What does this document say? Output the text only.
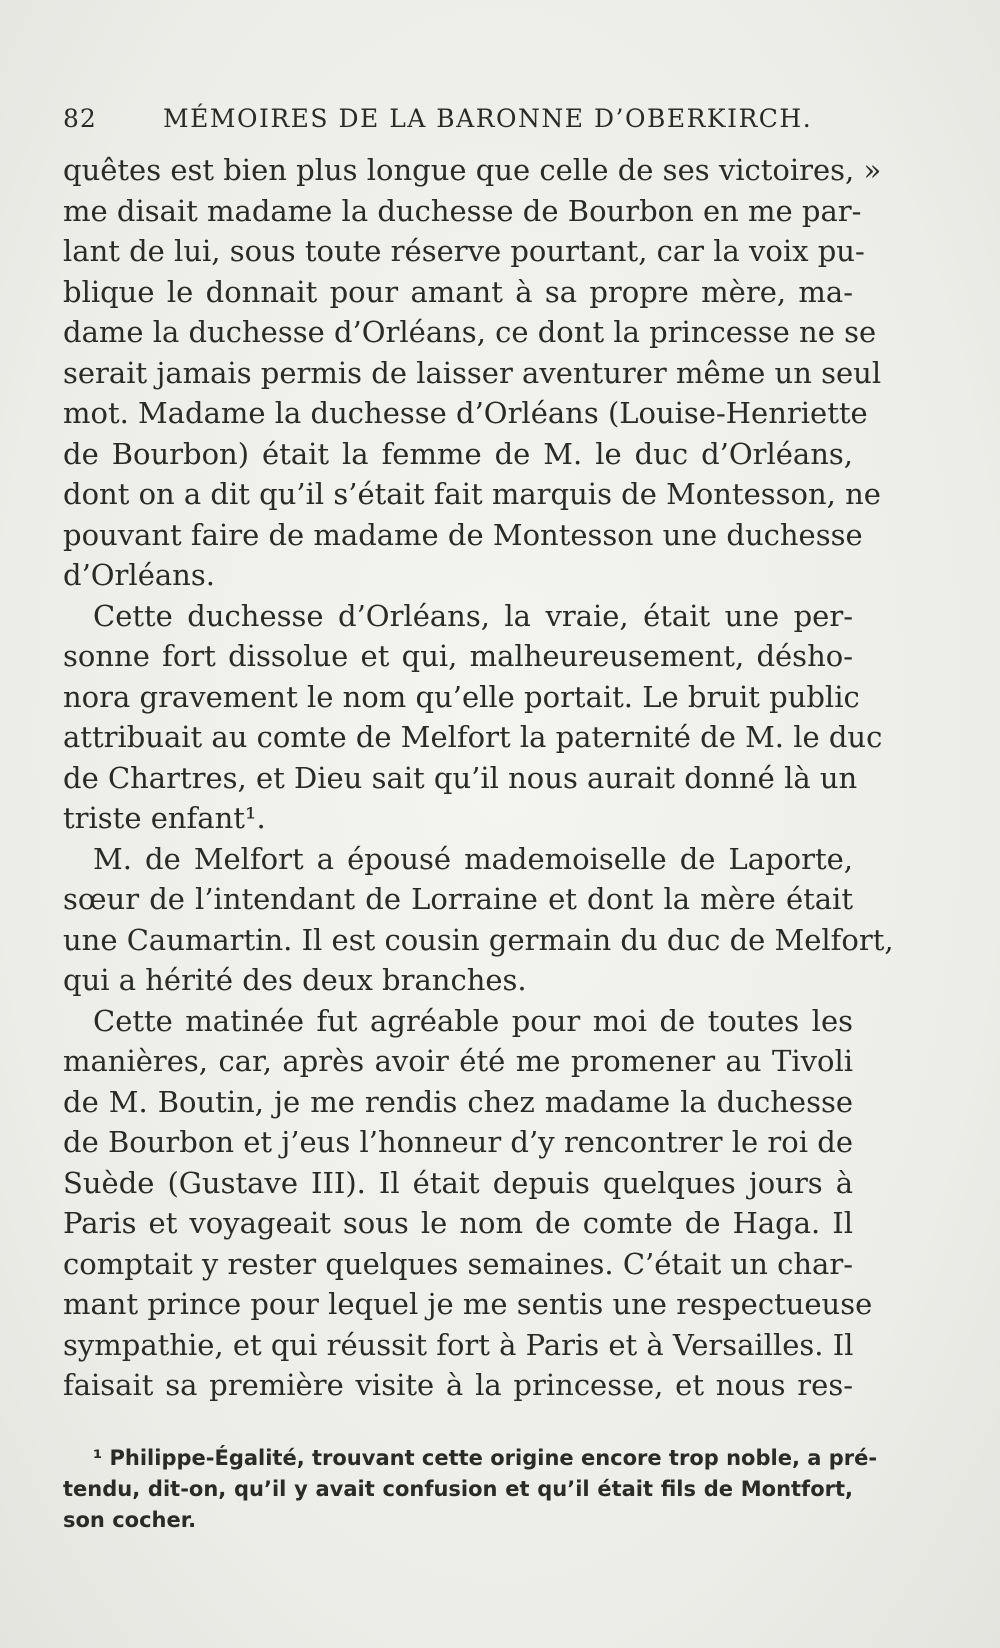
82	MÉMOIRES DE LA BARONNE D’OBERKIRCH.
quêtes est bien plus longue que celle de ses victoires, »
me disait madame la duchesse de Bourbon en me par-
lant de lui, sous toute réserve pourtant, car la voix pu-
blique le donnait pour amant à sa propre mère, ma-
dame la duchesse d’Orléans, ce dont la princesse ne se
serait jamais permis de laisser aventurer même un seul
mot. Madame la duchesse d’Orléans (Louise-Henriette
de Bourbon) était la femme de M. le duc d’Orléans,
dont on a dit qu’il s’était fait marquis de Montesson, ne
pouvant faire de madame de Montesson une duchesse
d’Orléans.
Cette duchesse d’Orléans, la vraie, était une per-
sonne fort dissolue et qui, malheureusement, désho-
nora gravement le nom qu’elle portait. Le bruit public
attribuait au comte de Melfort la paternité de M. le duc
de Chartres, et Dieu sait qu’il nous aurait donné là un
triste enfant¹.
M. de Melfort a épousé mademoiselle de Laporte,
sœur de l’intendant de Lorraine et dont la mère était
une Caumartin. Il est cousin germain du duc de Melfort,
qui a hérité des deux branches.
Cette matinée fut agréable pour moi de toutes les
manières, car, après avoir été me promener au Tivoli
de M. Boutin, je me rendis chez madame la duchesse
de Bourbon et j’eus l’honneur d’y rencontrer le roi de
Suède (Gustave III). Il était depuis quelques jours à
Paris et voyageait sous le nom de comte de Haga. Il
comptait y rester quelques semaines. C’était un char-
mant prince pour lequel je me sentis une respectueuse
sympathie, et qui réussit fort à Paris et à Versailles. Il
faisait sa première visite à la princesse, et nous res-
¹ Philippe-Égalité, trouvant cette origine encore trop noble, a pré-
tendu, dit-on, qu’il y avait confusion et qu’il était fils de Montfort,
son cocher.
